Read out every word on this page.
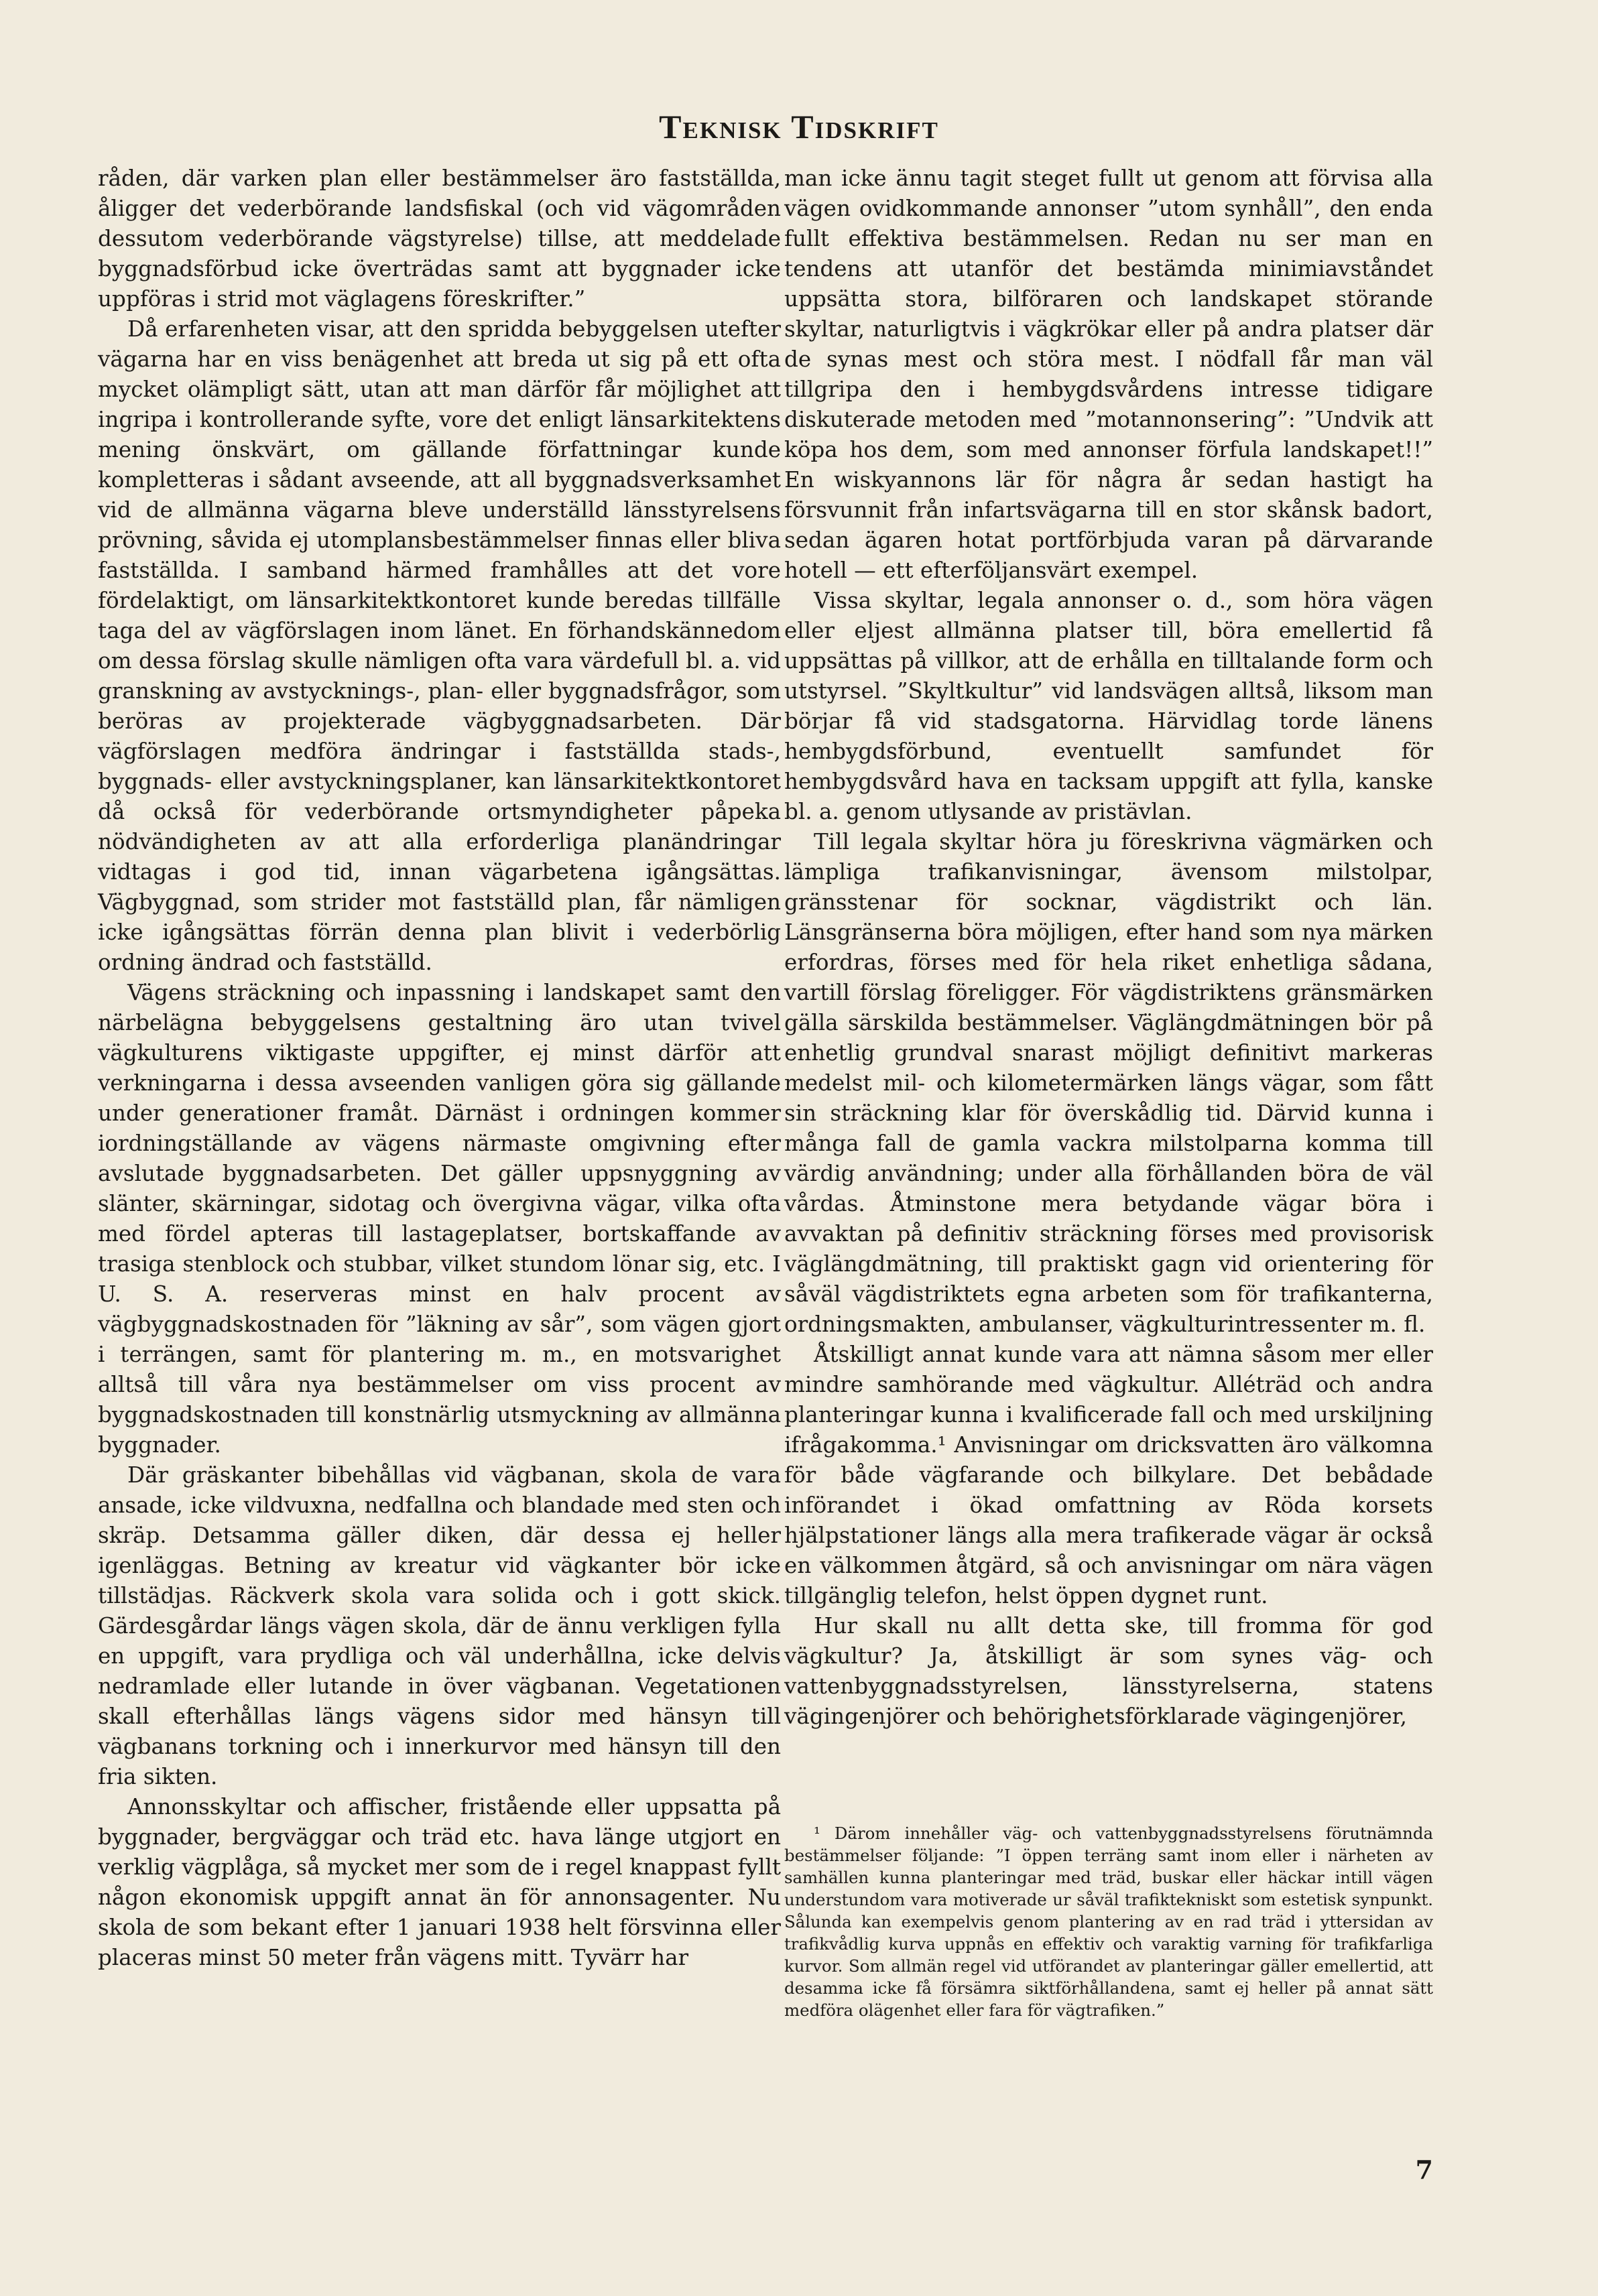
Teknisk Tidskrift

råden, där varken plan eller bestämmelser äro fastställda, åligger det vederbörande landsfiskal (och vid vägområden dessutom vederbörande vägstyrelse) tillse, att meddelade byggnadsförbud icke överträdas samt att byggnader icke uppföras i strid mot väglagens föreskrifter.”

Då erfarenheten visar, att den spridda bebyggelsen utefter vägarna har en viss benägenhet att breda ut sig på ett ofta mycket olämpligt sätt, utan att man därför får möjlighet att ingripa i kontrollerande syfte, vore det enligt länsarkitektens mening önskvärt, om gällande författningar kunde kompletteras i sådant avseende, att all byggnadsverksamhet vid de allmänna vägarna bleve underställd länsstyrelsens prövning, såvida ej utomplansbestämmelser finnas eller bliva fastställda. I samband härmed framhålles att det vore fördelaktigt, om länsarkitektkontoret kunde beredas tillfälle taga del av vägförslagen inom länet. En förhandskännedom om dessa förslag skulle nämligen ofta vara värdefull bl. a. vid granskning av avstycknings-, plan- eller byggnadsfrågor, som beröras av projekterade vägbyggnadsarbeten. Där vägförslagen medföra ändringar i fastställda stads-, byggnads- eller avstyckningsplaner, kan länsarkitektkontoret då också för vederbörande ortsmyndigheter påpeka nödvändigheten av att alla erforderliga planändringar vidtagas i god tid, innan vägarbetena igångsättas. Vägbyggnad, som strider mot fastställd plan, får nämligen icke igångsättas förrän denna plan blivit i vederbörlig ordning ändrad och fastställd.

Vägens sträckning och inpassning i landskapet samt den närbelägna bebyggelsens gestaltning äro utan tvivel vägkulturens viktigaste uppgifter, ej minst därför att verkningarna i dessa avseenden vanligen göra sig gällande under generationer framåt. Därnäst i ordningen kommer iordningställande av vägens närmaste omgivning efter avslutade byggnadsarbeten. Det gäller uppsnyggning av slänter, skärningar, sidotag och övergivna vägar, vilka ofta med fördel apteras till lastageplatser, bortskaffande av trasiga stenblock och stubbar, vilket stundom lönar sig, etc. I U. S. A. reserveras minst en halv procent av vägbyggnadskostnaden för ”läkning av sår”, som vägen gjort i terrängen, samt för plantering m. m., en motsvarighet alltså till våra nya bestämmelser om viss procent av byggnadskostnaden till konstnärlig utsmyckning av allmänna byggnader.

Där gräskanter bibehållas vid vägbanan, skola de vara ansade, icke vildvuxna, nedfallna och blandade med sten och skräp. Detsamma gäller diken, där dessa ej heller igenläggas. Betning av kreatur vid vägkanter bör icke tillstädjas. Räckverk skola vara solida och i gott skick. Gärdesgårdar längs vägen skola, där de ännu verkligen fylla en uppgift, vara prydliga och väl underhållna, icke delvis nedramlade eller lutande in över vägbanan. Vegetationen skall efterhållas längs vägens sidor med hänsyn till vägbanans torkning och i innerkurvor med hänsyn till den fria sikten.

Annonsskyltar och affischer, fristående eller uppsatta på byggnader, bergväggar och träd etc. hava länge utgjort en verklig vägplåga, så mycket mer som de i regel knappast fyllt någon ekonomisk uppgift annat än för annonsagenter. Nu skola de som bekant efter 1 januari 1938 helt försvinna eller placeras minst 50 meter från vägens mitt. Tyvärr har

man icke ännu tagit steget fullt ut genom att förvisa alla vägen ovidkommande annonser ”utom synhåll”, den enda fullt effektiva bestämmelsen. Redan nu ser man en tendens att utanför det bestämda minimiavståndet uppsätta stora, bilföraren och landskapet störande skyltar, naturligtvis i vägkrökar eller på andra platser där de synas mest och störa mest. I nödfall får man väl tillgripa den i hembygdsvårdens intresse tidigare diskuterade metoden med ”motannonsering”: ”Undvik att köpa hos dem, som med annonser förfula landskapet!!” En wiskyannons lär för några år sedan hastigt ha försvunnit från infartsvägarna till en stor skånsk badort, sedan ägaren hotat portförbjuda varan på därvarande hotell — ett efterföljansvärt exempel.

Vissa skyltar, legala annonser o. d., som höra vägen eller eljest allmänna platser till, böra emellertid få uppsättas på villkor, att de erhålla en tilltalande form och utstyrsel. ”Skyltkultur” vid landsvägen alltså, liksom man börjar få vid stadsgatorna. Härvidlag torde länens hembygdsförbund, eventuellt samfundet för hembygdsvård hava en tacksam uppgift att fylla, kanske bl. a. genom utlysande av pristävlan.

Till legala skyltar höra ju föreskrivna vägmärken och lämpliga trafikanvisningar, ävensom milstolpar, gränsstenar för socknar, vägdistrikt och län. Länsgränserna böra möjligen, efter hand som nya märken erfordras, förses med för hela riket enhetliga sådana, vartill förslag föreligger. För vägdistriktens gränsmärken gälla särskilda bestämmelser. Väglängdmätningen bör på enhetlig grundval snarast möjligt definitivt markeras medelst mil- och kilometermärken längs vägar, som fått sin sträckning klar för överskådlig tid. Därvid kunna i många fall de gamla vackra milstolparna komma till värdig användning; under alla förhållanden böra de väl vårdas. Åtminstone mera betydande vägar böra i avvaktan på definitiv sträckning förses med provisorisk väglängdmätning, till praktiskt gagn vid orientering för såväl vägdistriktets egna arbeten som för trafikanterna, ordningsmakten, ambulanser, vägkulturintressenter m. fl.

Åtskilligt annat kunde vara att nämna såsom mer eller mindre samhörande med vägkultur. Alléträd och andra planteringar kunna i kvalificerade fall och med urskiljning ifrågakomma.¹ Anvisningar om dricksvatten äro välkomna för både vägfarande och bilkylare. Det bebådade införandet i ökad omfattning av Röda korsets hjälpstationer längs alla mera trafikerade vägar är också en välkommen åtgärd, så och anvisningar om nära vägen tillgänglig telefon, helst öppen dygnet runt.

Hur skall nu allt detta ske, till fromma för god vägkultur? Ja, åtskilligt är som synes väg- och vattenbyggnadsstyrelsen, länsstyrelserna, statens vägingenjörer och behörighetsförklarade vägingenjörer,

¹ Därom innehåller väg- och vattenbyggnadsstyrelsens förutnämnda bestämmelser följande: ”I öppen terräng samt inom eller i närheten av samhällen kunna planteringar med träd, buskar eller häckar intill vägen understundom vara motiverade ur såväl trafiktekniskt som estetisk synpunkt. Sålunda kan exempelvis genom plantering av en rad träd i yttersidan av trafikvådlig kurva uppnås en effektiv och varaktig varning för trafikfarliga kurvor. Som allmän regel vid utförandet av planteringar gäller emellertid, att desamma icke få försämra siktförhållandena, samt ej heller på annat sätt medföra olägenhet eller fara för vägtrafiken.”

7
